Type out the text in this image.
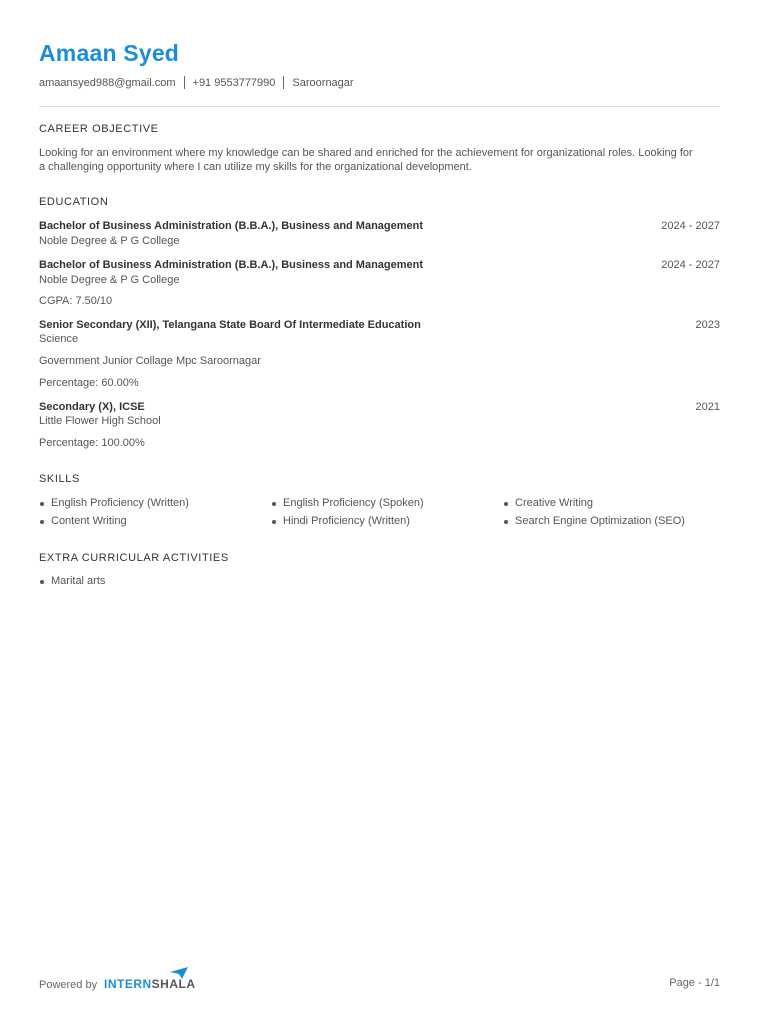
Amaan Syed
amaansyed988@gmail.com +91 9553777990 Saroornagar
CAREER OBJECTIVE
Looking for an environment where my knowledge can be shared and enriched for the achievement for organizational roles. Looking for
a challenging opportunity where I can utilize my skills for the organizational development.
EDUCATION
Bachelor of Business Administration (B.B.A.), Business and Management	2024 - 2027
Noble Degree & P G College
Bachelor of Business Administration (B.B.A.), Business and Management	2024 - 2027
Noble Degree & P G College
CGPA: 7.50/10
Senior Secondary (XII), Telangana State Board Of Intermediate Education	2023
Science
Government Junior Collage Mpc Saroornagar
Percentage: 60.00%
Secondary (X), ICSE	2021
Little Flower High School
Percentage: 100.00%
SKILLS
English Proficiency (Written)	English Proficiency (Spoken)	Creative Writing
Content Writing	Hindi Proficiency (Written)	Search Engine Optimization (SEO)
EXTRA CURRICULAR ACTIVITIES
Marital arts
Powered by INTERNSHALA	Page - 1/1
